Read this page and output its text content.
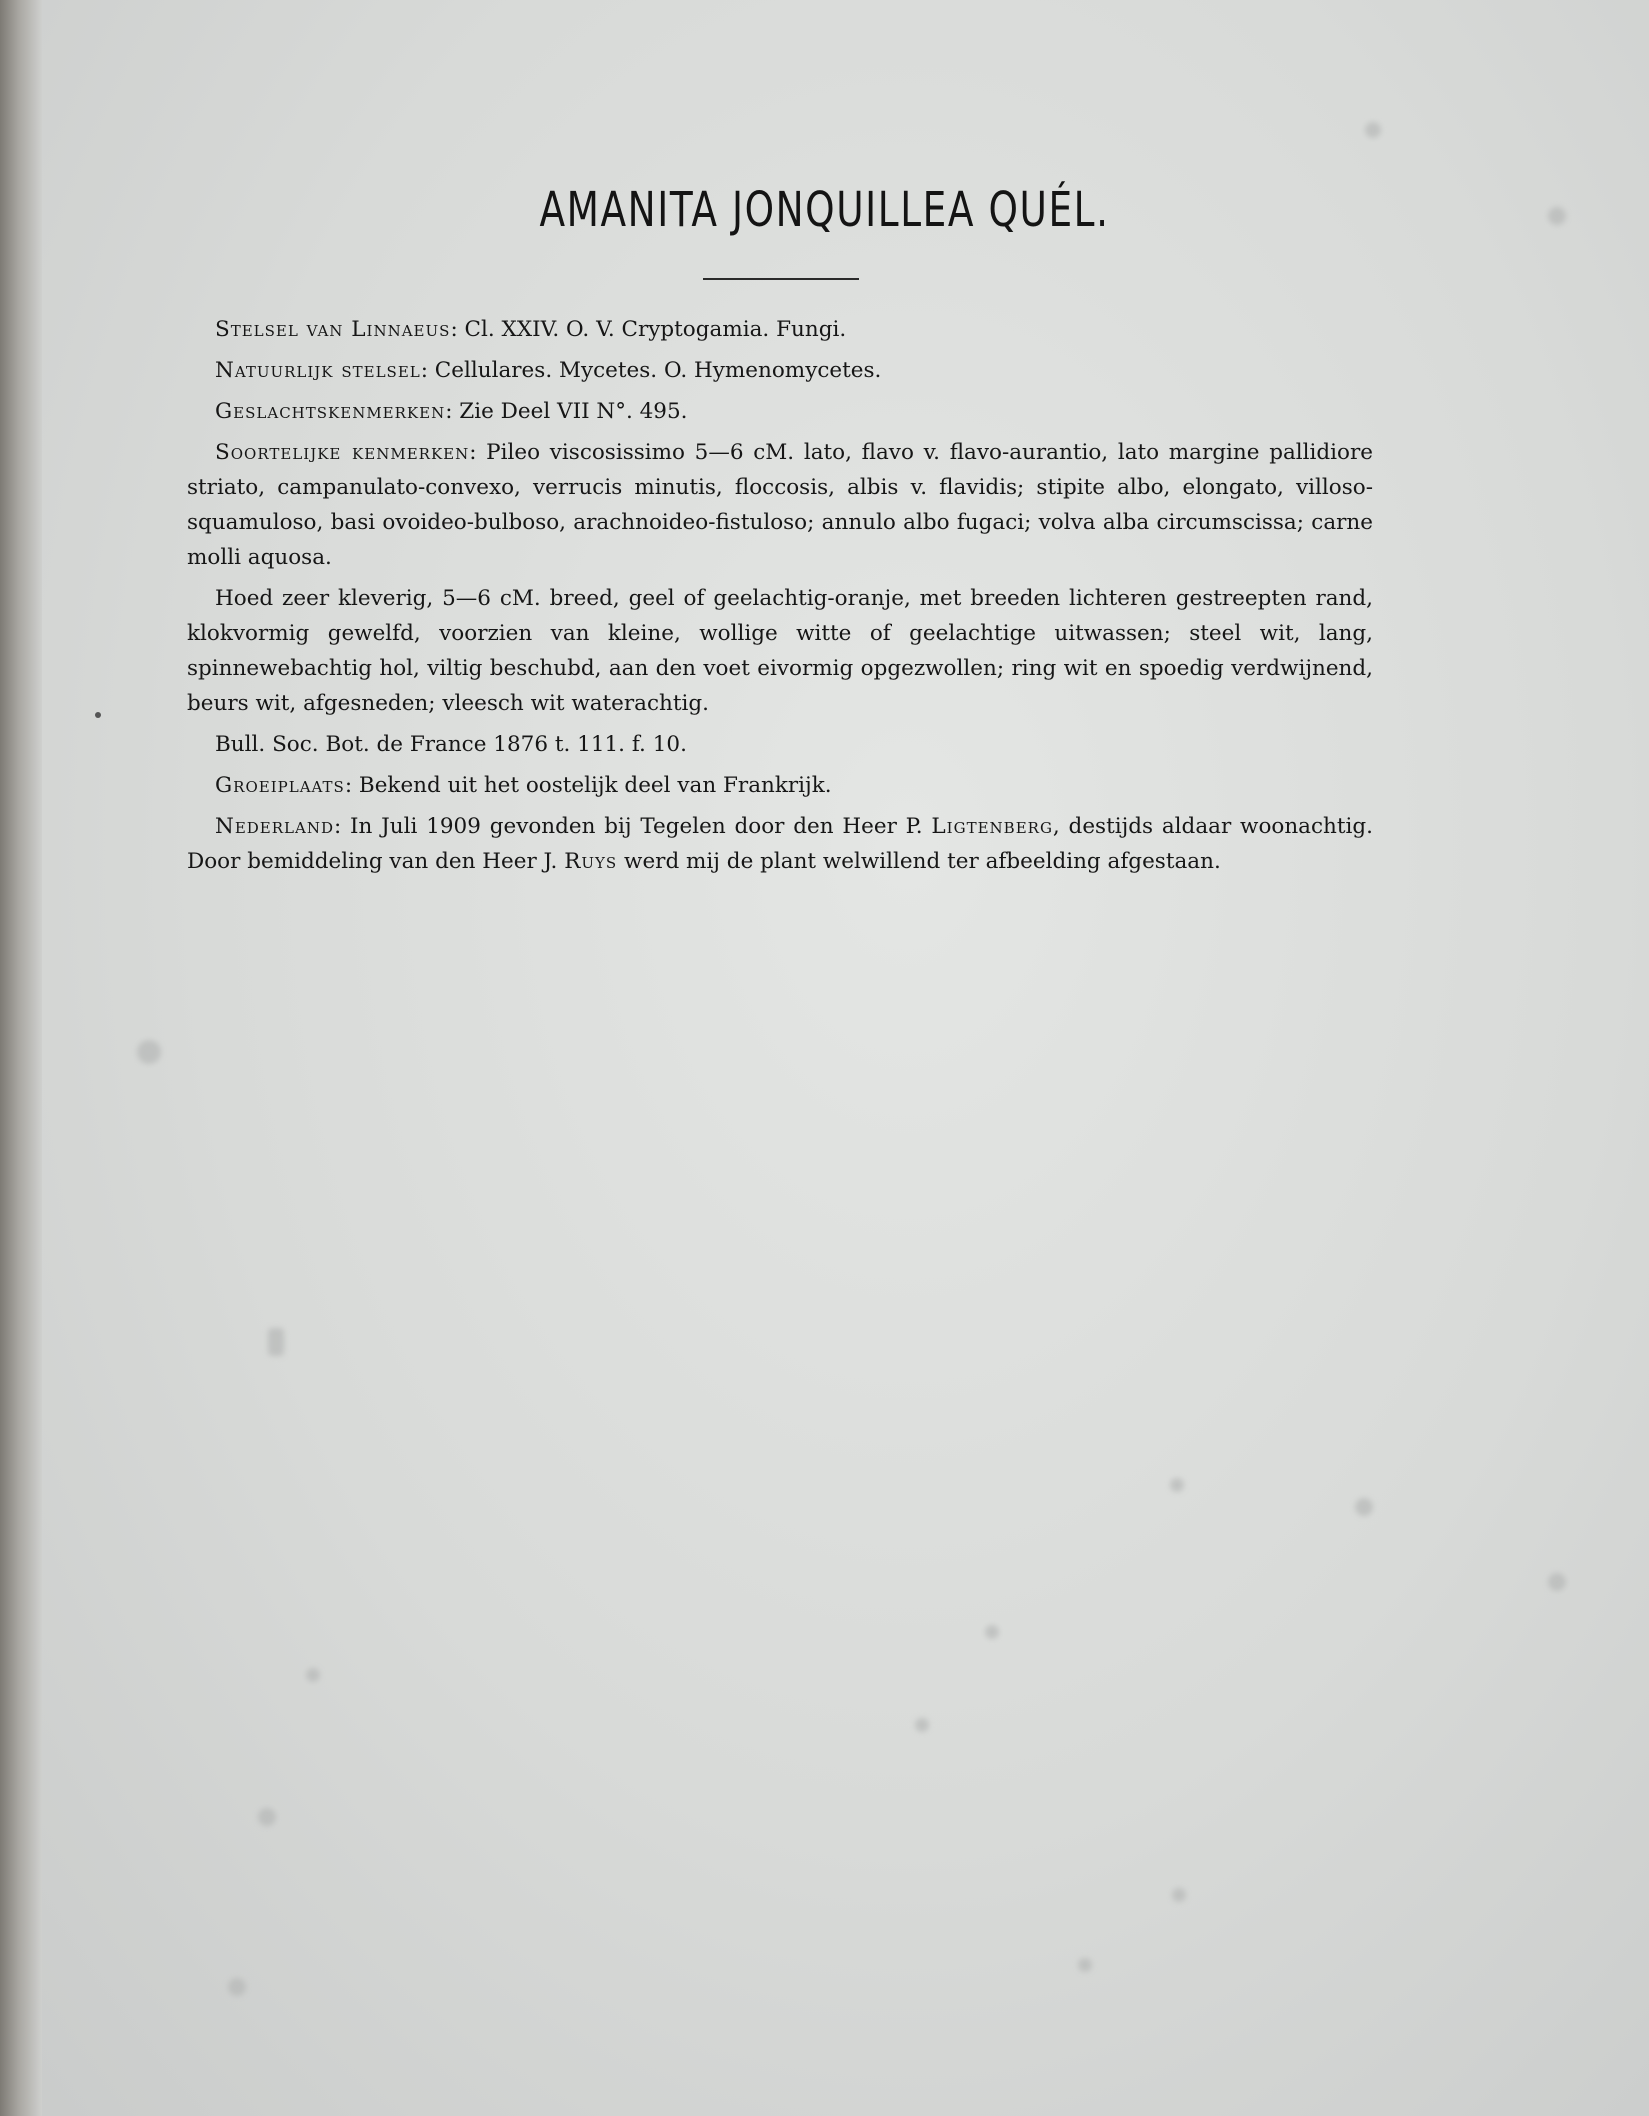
AMANITA JONQUILLEA QUÉL.

Stelsel van Linnaeus: Cl. XXIV. O. V. Cryptogamia. Fungi.

Natuurlijk stelsel: Cellulares. Mycetes. O. Hymenomycetes.

Geslachtskenmerken: Zie Deel VII N°. 495.

Soortelijke kenmerken: Pileo viscosissimo 5—6 cM. lato, flavo v. flavo-aurantio, lato margine pallidiore striato, campanulato-convexo, verrucis minutis, floccosis, albis v. flavidis; stipite albo, elongato, villoso-squamuloso, basi ovoideo-bulboso, arachnoideo-fistuloso; annulo albo fugaci; volva alba circumscissa; carne molli aquosa.

Hoed zeer kleverig, 5—6 cM. breed, geel of geelachtig-oranje, met breeden lichteren gestreepten rand, klokvormig gewelfd, voorzien van kleine, wollige witte of geelachtige uitwassen; steel wit, lang, spinnewebachtig hol, viltig beschubd, aan den voet eivormig opgezwollen; ring wit en spoedig verdwijnend, beurs wit, afgesneden; vleesch wit waterachtig.

Bull. Soc. Bot. de France 1876 t. 111. f. 10.

Groeiplaats: Bekend uit het oostelijk deel van Frankrijk.

Nederland: In Juli 1909 gevonden bij Tegelen door den Heer P. Ligtenberg, destijds aldaar woonachtig. Door bemiddeling van den Heer J. Ruys werd mij de plant welwillend ter afbeelding afgestaan.
